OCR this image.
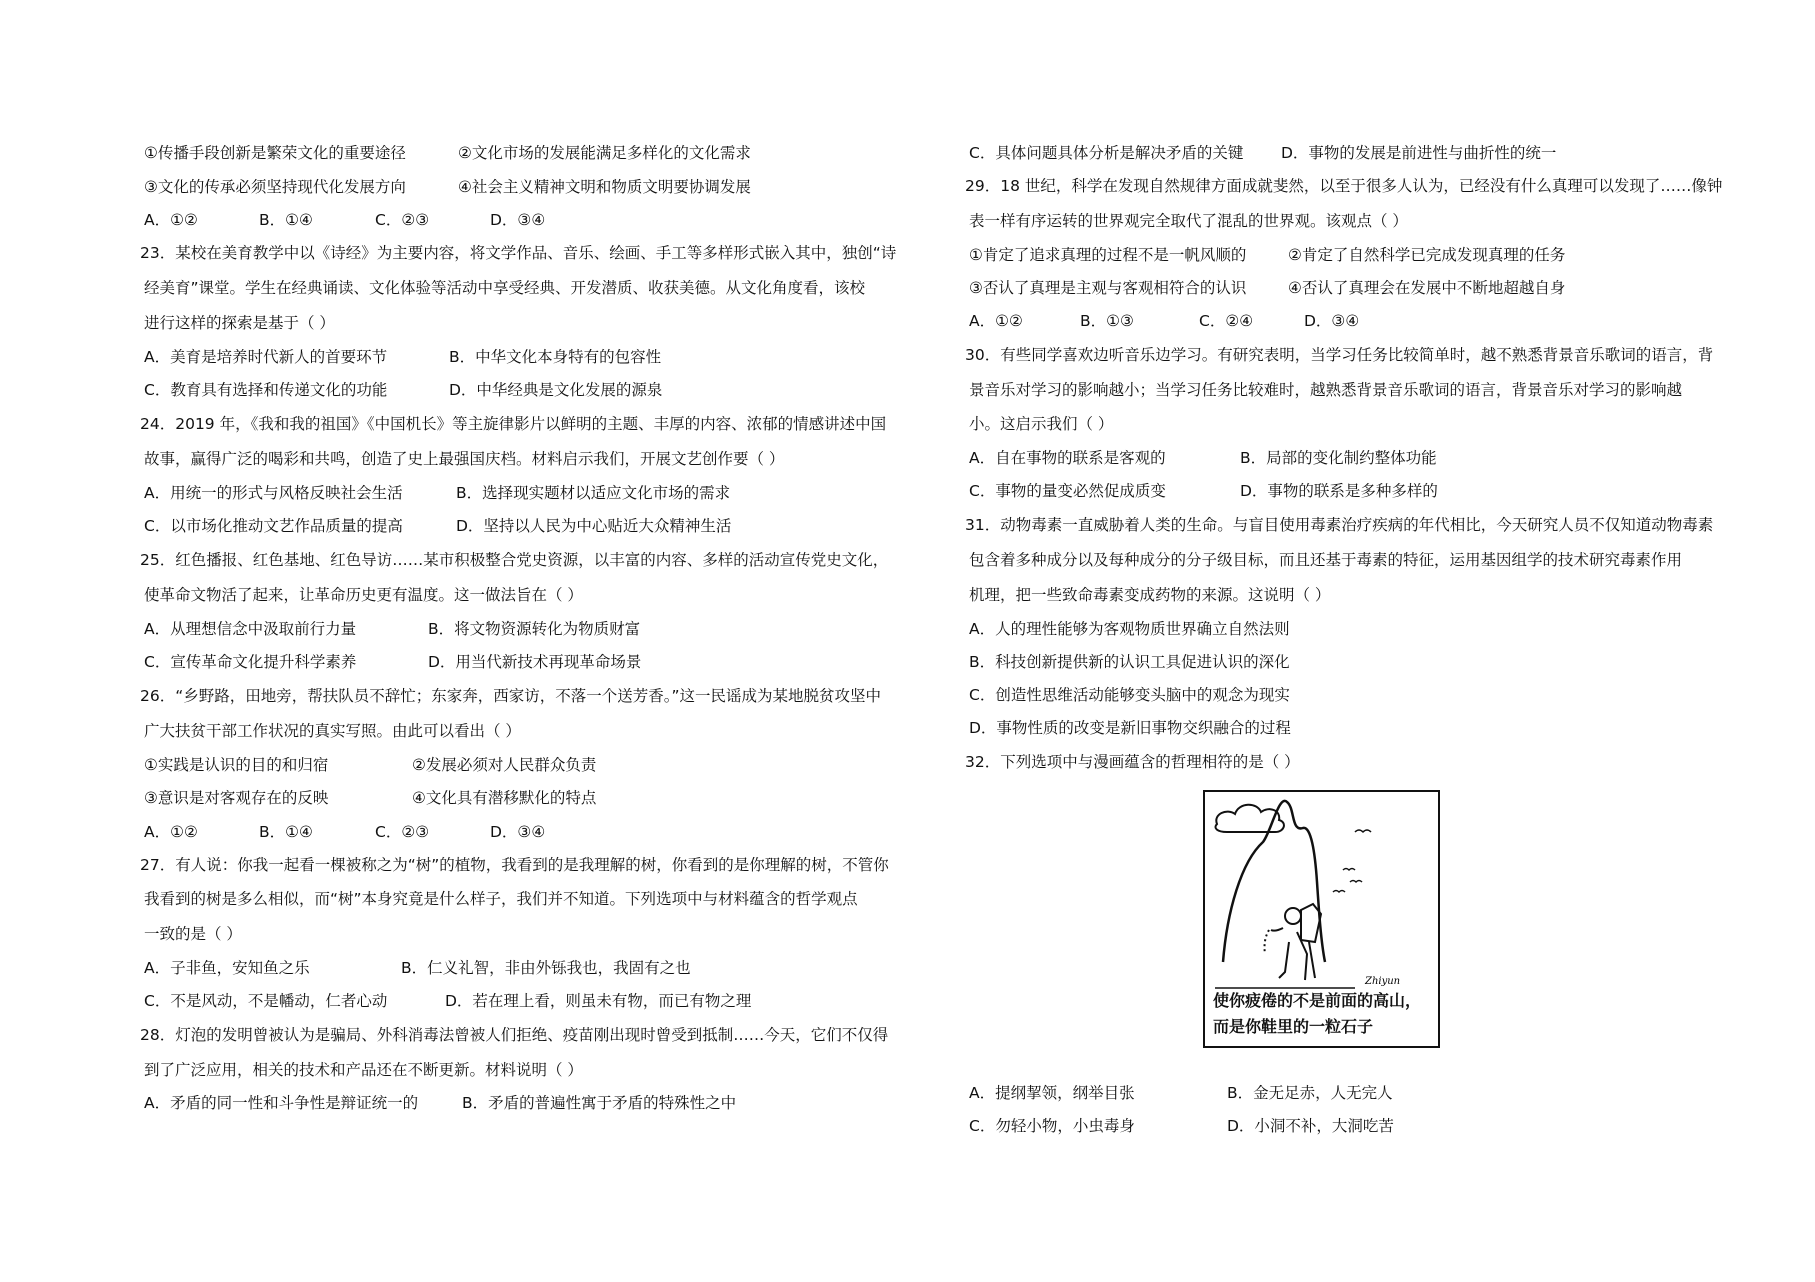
①传播手段创新是繁荣文化的重要途径	②文化市场的发展能满足多样化的文化需求
③文化的传承必须坚持现代化发展方向	④社会主义精神文明和物质文明要协调发展
A．①②	B．①④	C．②③	D．③④
23．某校在美育教学中以《诗经》为主要内容，将文学作品、音乐、绘画、手工等多样形式嵌入其中，独创“诗
经美育”课堂。学生在经典诵读、文化体验等活动中享受经典、开发潜质、收获美德。从文化角度看，该校
进行这样的探索是基于（ ）
A．美育是培养时代新人的首要环节	B．中华文化本身特有的包容性
C．教育具有选择和传递文化的功能	D．中华经典是文化发展的源泉
24．2019 年，《我和我的祖国》《中国机长》等主旋律影片以鲜明的主题、丰厚的内容、浓郁的情感讲述中国
故事，赢得广泛的喝彩和共鸣，创造了史上最强国庆档。材料启示我们，开展文艺创作要（ ）
A．用统一的形式与风格反映社会生活	B．选择现实题材以适应文化市场的需求
C．以市场化推动文艺作品质量的提高	D．坚持以人民为中心贴近大众精神生活
25．红色播报、红色基地、红色导访……某市积极整合党史资源，以丰富的内容、多样的活动宣传党史文化，
使革命文物活了起来，让革命历史更有温度。这一做法旨在（ ）
A．从理想信念中汲取前行力量	B．将文物资源转化为物质财富
C．宣传革命文化提升科学素养	D．用当代新技术再现革命场景
26．“乡野路，田地旁，帮扶队员不辞忙；东家奔，西家访，不落一个送芳香。”这一民谣成为某地脱贫攻坚中
广大扶贫干部工作状况的真实写照。由此可以看出（ ）
①实践是认识的目的和归宿	②发展必须对人民群众负责
③意识是对客观存在的反映	④文化具有潜移默化的特点
A．①②	B．①④	C．②③	D．③④
27．有人说：你我一起看一棵被称之为“树”的植物，我看到的是我理解的树，你看到的是你理解的树，不管你
我看到的树是多么相似，而“树”本身究竟是什么样子，我们并不知道。下列选项中与材料蕴含的哲学观点
一致的是（ ）
A．子非鱼，安知鱼之乐	B．仁义礼智，非由外铄我也，我固有之也
C．不是风动，不是幡动，仁者心动	D．若在理上看，则虽未有物，而已有物之理
28．灯泡的发明曾被认为是骗局、外科消毒法曾被人们拒绝、疫苗刚出现时曾受到抵制……今天，它们不仅得
到了广泛应用，相关的技术和产品还在不断更新。材料说明（ ）
A．矛盾的同一性和斗争性是辩证统一的	B．矛盾的普遍性寓于矛盾的特殊性之中
C．具体问题具体分析是解决矛盾的关键 D．事物的发展是前进性与曲折性的统一
29．18 世纪，科学在发现自然规律方面成就斐然，以至于很多人认为，已经没有什么真理可以发现了……像钟
表一样有序运转的世界观完全取代了混乱的世界观。该观点（ ）
①肯定了追求真理的过程不是一帆风顺的	②肯定了自然科学已完成发现真理的任务
③否认了真理是主观与客观相符合的认识	④否认了真理会在发展中不断地超越自身
A．①②	B．①③	C．②④	D．③④
30．有些同学喜欢边听音乐边学习。有研究表明，当学习任务比较简单时，越不熟悉背景音乐歌词的语言，背
景音乐对学习的影响越小；当学习任务比较难时，越熟悉背景音乐歌词的语言，背景音乐对学习的影响越
小。这启示我们（ ）
A．自在事物的联系是客观的	B．局部的变化制约整体功能
C．事物的量变必然促成质变	D．事物的联系是多种多样的
31．动物毒素一直威胁着人类的生命。与盲目使用毒素治疗疾病的年代相比，今天研究人员不仅知道动物毒素
包含着多种成分以及每种成分的分子级目标，而且还基于毒素的特征，运用基因组学的技术研究毒素作用
机理，把一些致命毒素变成药物的来源。这说明（ ）
A．人的理性能够为客观物质世界确立自然法则
B．科技创新提供新的认识工具促进认识的深化
C．创造性思维活动能够变头脑中的观念为现实
D．事物性质的改变是新旧事物交织融合的过程
32．下列选项中与漫画蕴含的哲理相符的是（ ）
A．提纲挈领，纲举目张	B．金无足赤，人无完人
C．勿轻小物，小虫毒身	D．小洞不补，大洞吃苦
Zhiyun
使你疲倦的不是前面的高山，
而是你鞋里的一粒石子
